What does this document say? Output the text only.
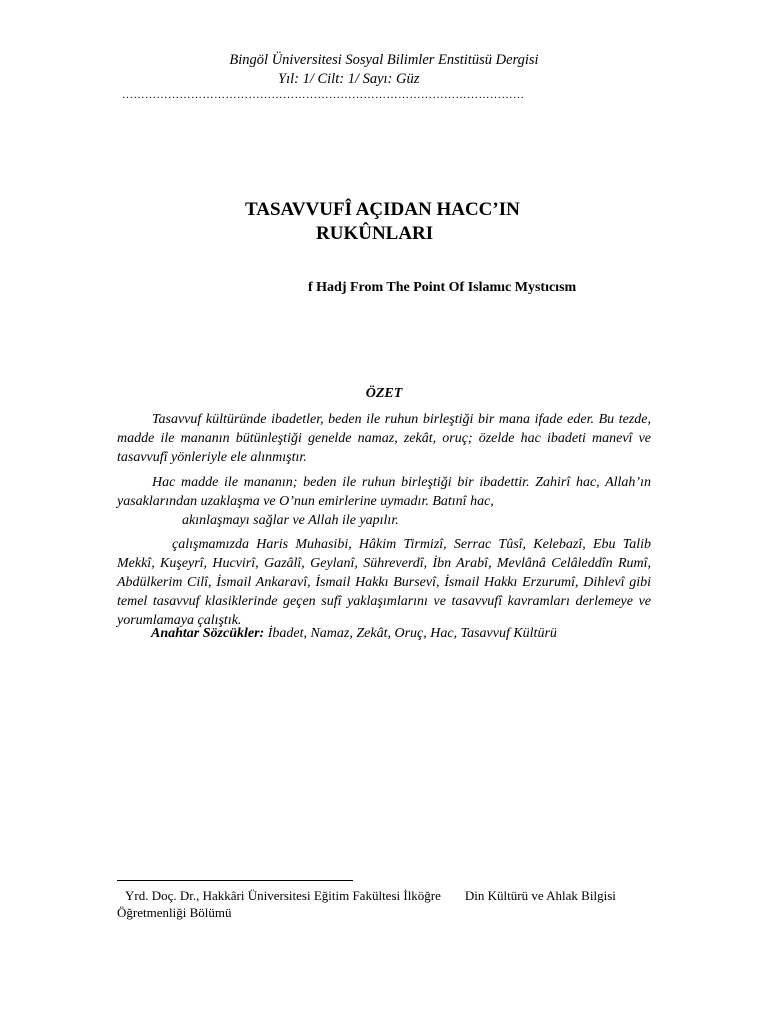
Bingöl Üniversitesi Sosyal Bilimler Enstitüsü Dergisi
Yıl: 1/ Cilt: 1/ Sayı: Güz
……………………………………………………………………………………………
TASAVVUFÎ AÇIDAN HACC’IN
RUKÛNLARI
f Hadj From The Point Of Islamıc Mystıcısm
ÖZET

Tasavvuf kültüründe ibadetler, beden ile ruhun birleştiği bir mana ifade eder. Bu tezde, madde ile mananın bütünleştiği genelde namaz, zekât, oruç; özelde hac ibadeti manevî ve tasavvufî yönleriyle ele alınmıştır.

Hac madde ile mananın; beden ile ruhun birleştiği bir ibadettir. Zahirî hac, Allah’ın yasaklarından uzaklaşma ve O’nun emirlerine uymadır. Batınî hac,

akınlaşmayı sağlar ve Allah ile yapılır.

çalışmamızda Haris Muhasibi, Hâkim Tirmizî, Serrac Tûsî, Kelebazî, Ebu Talib Mekkî, Kuşeyrî, Hucvirî, Gazâlî, Geylanî, Sühreverdî, İbn Arabî, Mevlânâ Celâleddîn Rumî, Abdülkerim Cilî, İsmail Ankaravî, İsmail Hakkı Bursevî, İsmail Hakkı Erzurumî, Dihlevî gibi temel tasavvuf klasiklerinde geçen sufî yaklaşımlarını ve tasavvufî kavramları derlemeye ve yorumlamaya çalıştık.

Anahtar Sözcükler: İbadet, Namaz, Zekât, Oruç, Hac, Tasavvuf Kültürü
Yrd. Doç. Dr., Hakkâri Üniversitesi Eğitim Fakültesi İlköğre Din Kültürü ve Ahlak Bilgisi Öğretmenliği Bölümü
